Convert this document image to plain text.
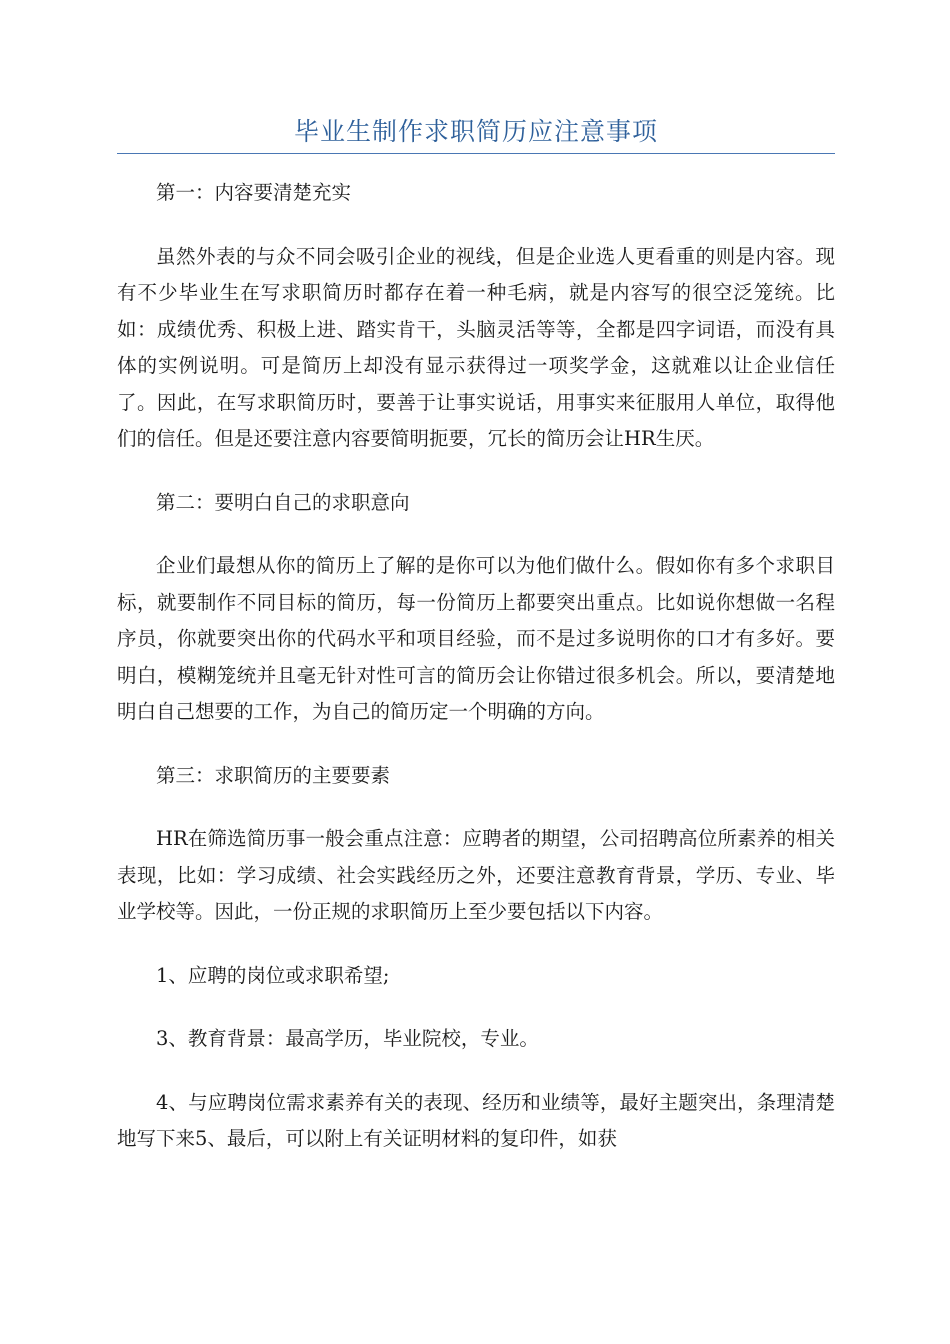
毕业生制作求职简历应注意事项

第一：内容要清楚充实

虽然外表的与众不同会吸引企业的视线，但是企业选人更看重的则是内容。现有不少毕业生在写求职简历时都存在着一种毛病，就是内容写的很空泛笼统。比如：成绩优秀、积极上进、踏实肯干，头脑灵活等等，全都是四字词语，而没有具体的实例说明。可是简历上却没有显示获得过一项奖学金，这就难以让企业信任了。因此，在写求职简历时，要善于让事实说话，用事实来征服用人单位，取得他们的信任。但是还要注意内容要简明扼要，冗长的简历会让HR生厌。

第二：要明白自己的求职意向

企业们最想从你的简历上了解的是你可以为他们做什么。假如你有多个求职目标，就要制作不同目标的简历，每一份简历上都要突出重点。比如说你想做一名程序员，你就要突出你的代码水平和项目经验，而不是过多说明你的口才有多好。要明白，模糊笼统并且毫无针对性可言的简历会让你错过很多机会。所以，要清楚地明白自己想要的工作，为自己的简历定一个明确的方向。

第三：求职简历的主要要素

HR在筛选简历事一般会重点注意：应聘者的期望，公司招聘高位所素养的相关表现，比如：学习成绩、社会实践经历之外，还要注意教育背景，学历、专业、毕业学校等。因此，一份正规的求职简历上至少要包括以下内容。

1、应聘的岗位或求职希望;

3、教育背景：最高学历，毕业院校，专业。

4、与应聘岗位需求素养有关的表现、经历和业绩等，最好主题突出，条理清楚地写下来5、最后，可以附上有关证明材料的复印件，如获
